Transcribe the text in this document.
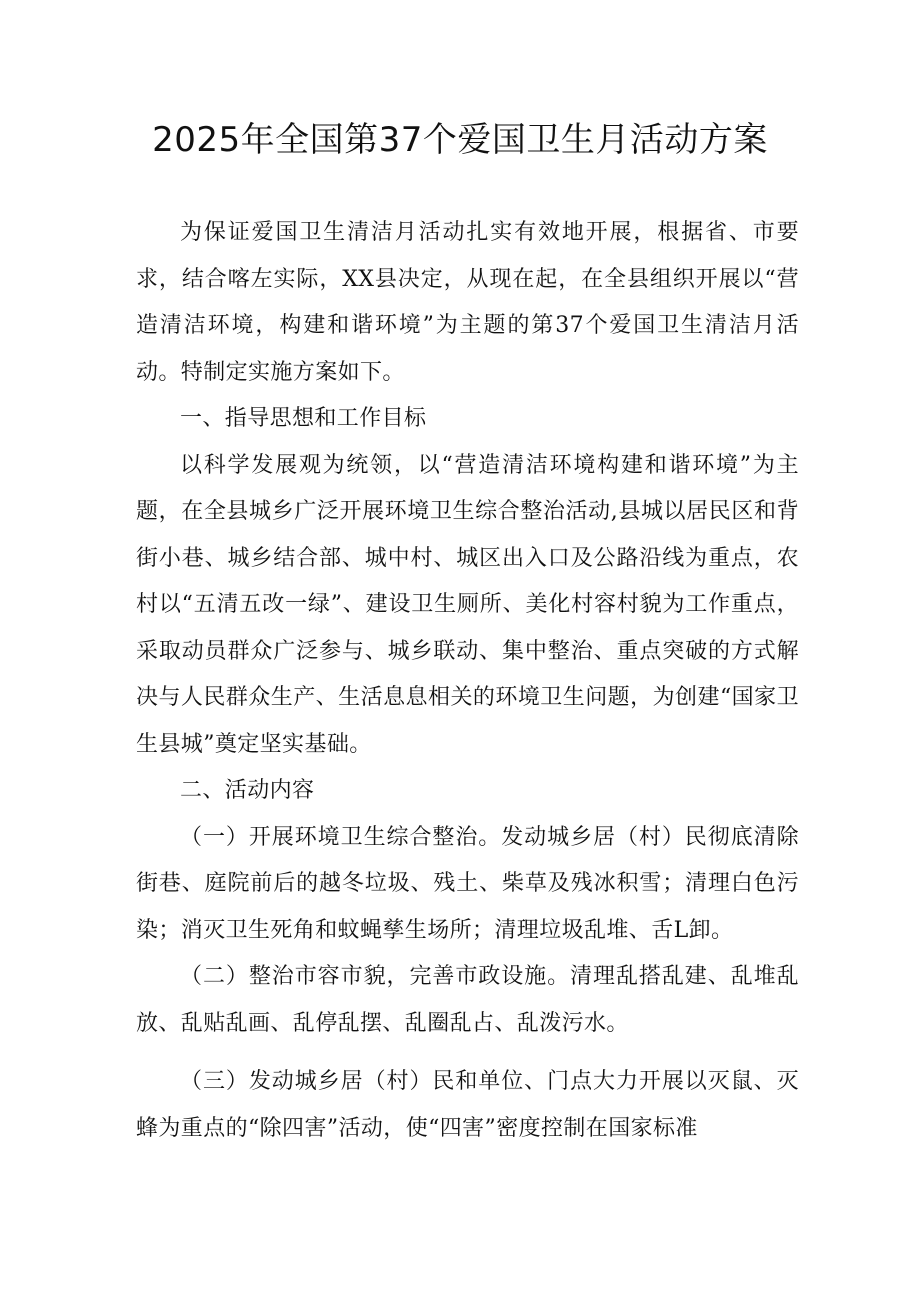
2025年全国第37个爱国卫生月活动方案

为保证爱国卫生清洁月活动扎实有效地开展，根据省、市要求，结合喀左实际，XX县决定，从现在起，在全县组织开展以“营造清洁环境，构建和谐环境”为主题的第37个爱国卫生清洁月活动。特制定实施方案如下。

一、指导思想和工作目标

以科学发展观为统领，以“营造清洁环境构建和谐环境”为主题，在全县城乡广泛开展环境卫生综合整治活动,县城以居民区和背街小巷、城乡结合部、城中村、城区出入口及公路沿线为重点，农村以“五清五改一绿”、建设卫生厕所、美化村容村貌为工作重点，采取动员群众广泛参与、城乡联动、集中整治、重点突破的方式解决与人民群众生产、生活息息相关的环境卫生问题，为创建“国家卫生县城”奠定坚实基础。

二、活动内容

（一）开展环境卫生综合整治。发动城乡居（村）民彻底清除街巷、庭院前后的越冬垃圾、残土、柴草及残冰积雪；清理白色污染；消灭卫生死角和蚊蝇孳生场所；清理垃圾乱堆、舌L卸。

（二）整治市容市貌，完善市政设施。清理乱搭乱建、乱堆乱放、乱贴乱画、乱停乱摆、乱圈乱占、乱泼污水。

（三）发动城乡居（村）民和单位、门点大力开展以灭鼠、灭蜂为重点的“除四害”活动，使“四害”密度控制在国家标准
